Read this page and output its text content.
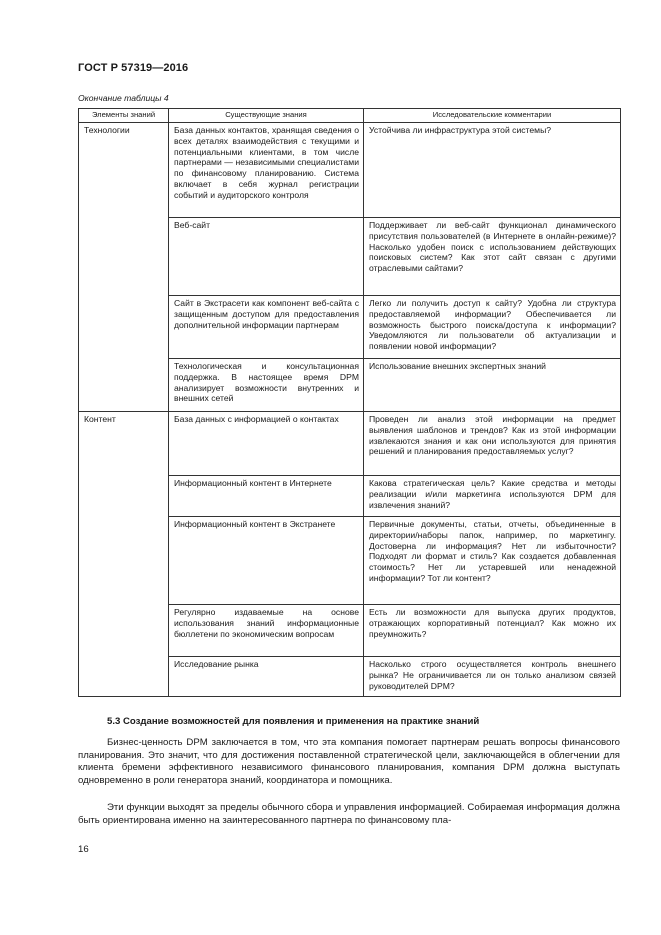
ГОСТ Р 57319—2016
Окончание таблицы 4
Элементы знаний	Существующие знания	Исследовательские комментарии
Технологии	База данных контактов, хранящая сведения о всех деталях взаимодействия с текущими и потенциальными клиентами, в том числе партнерами — независимыми специалистами по финансовому планированию. Система включает в себя журнал регистрации событий и аудиторского контроля	Устойчива ли инфраструктура этой системы?
	Веб-сайт	Поддерживает ли веб-сайт функционал динамического присутствия пользователей (в Интернете в онлайн-режиме)? Насколько удобен поиск с использованием действующих поисковых систем? Как этот сайт связан с другими отраслевыми сайтами?
	Сайт в Экстрасети как компонент веб-сайта с защищенным доступом для предоставления дополнительной информации партнерам	Легко ли получить доступ к сайту? Удобна ли структура предоставляемой информации? Обеспечивается ли возможность быстрого поиска/доступа к информации? Уведомляются ли пользователи об актуализации и появлении новой информации?
	Технологическая и консультационная поддержка. В настоящее время DPM анализирует возможности внутренних и внешних сетей	Использование внешних экспертных знаний
Контент	База данных с информацией о контактах	Проведен ли анализ этой информации на предмет выявления шаблонов и трендов? Как из этой информации извлекаются знания и как они используются для принятия решений и планирования предоставляемых услуг?
	Информационный контент в Интернете	Какова стратегическая цель? Какие средства и методы реализации и/или маркетинга используются DPM для извлечения знаний?
	Информационный контент в Экстранете	Первичные документы, статьи, отчеты, объединенные в директории/наборы папок, например, по маркетингу. Достоверна ли информация? Нет ли избыточности? Подходят ли формат и стиль? Как создается добавленная стоимость? Нет ли устаревшей или ненадежной информации? Тот ли контент?
	Регулярно издаваемые на основе использования знаний информационные бюллетени по экономическим вопросам	Есть ли возможности для выпуска других продуктов, отражающих корпоративный потенциал? Как можно их преумножить?
	Исследование рынка	Насколько строго осуществляется контроль внешнего рынка? Не ограничивается ли он только анализом связей руководителей DPM?
5.3 Создание возможностей для появления и применения на практике знаний
Бизнес-ценность DPM заключается в том, что эта компания помогает партнерам решать вопросы финансового планирования. Это значит, что для достижения поставленной стратегической цели, заключающейся в облегчении для клиента бремени эффективного независимого финансового планирования, компания DPM должна выступать одновременно в роли генератора знаний, координатора и помощника.
Эти функции выходят за пределы обычного сбора и управления информацией. Собираемая информация должна быть ориентирована именно на заинтересованного партнера по финансовому пла-
16
